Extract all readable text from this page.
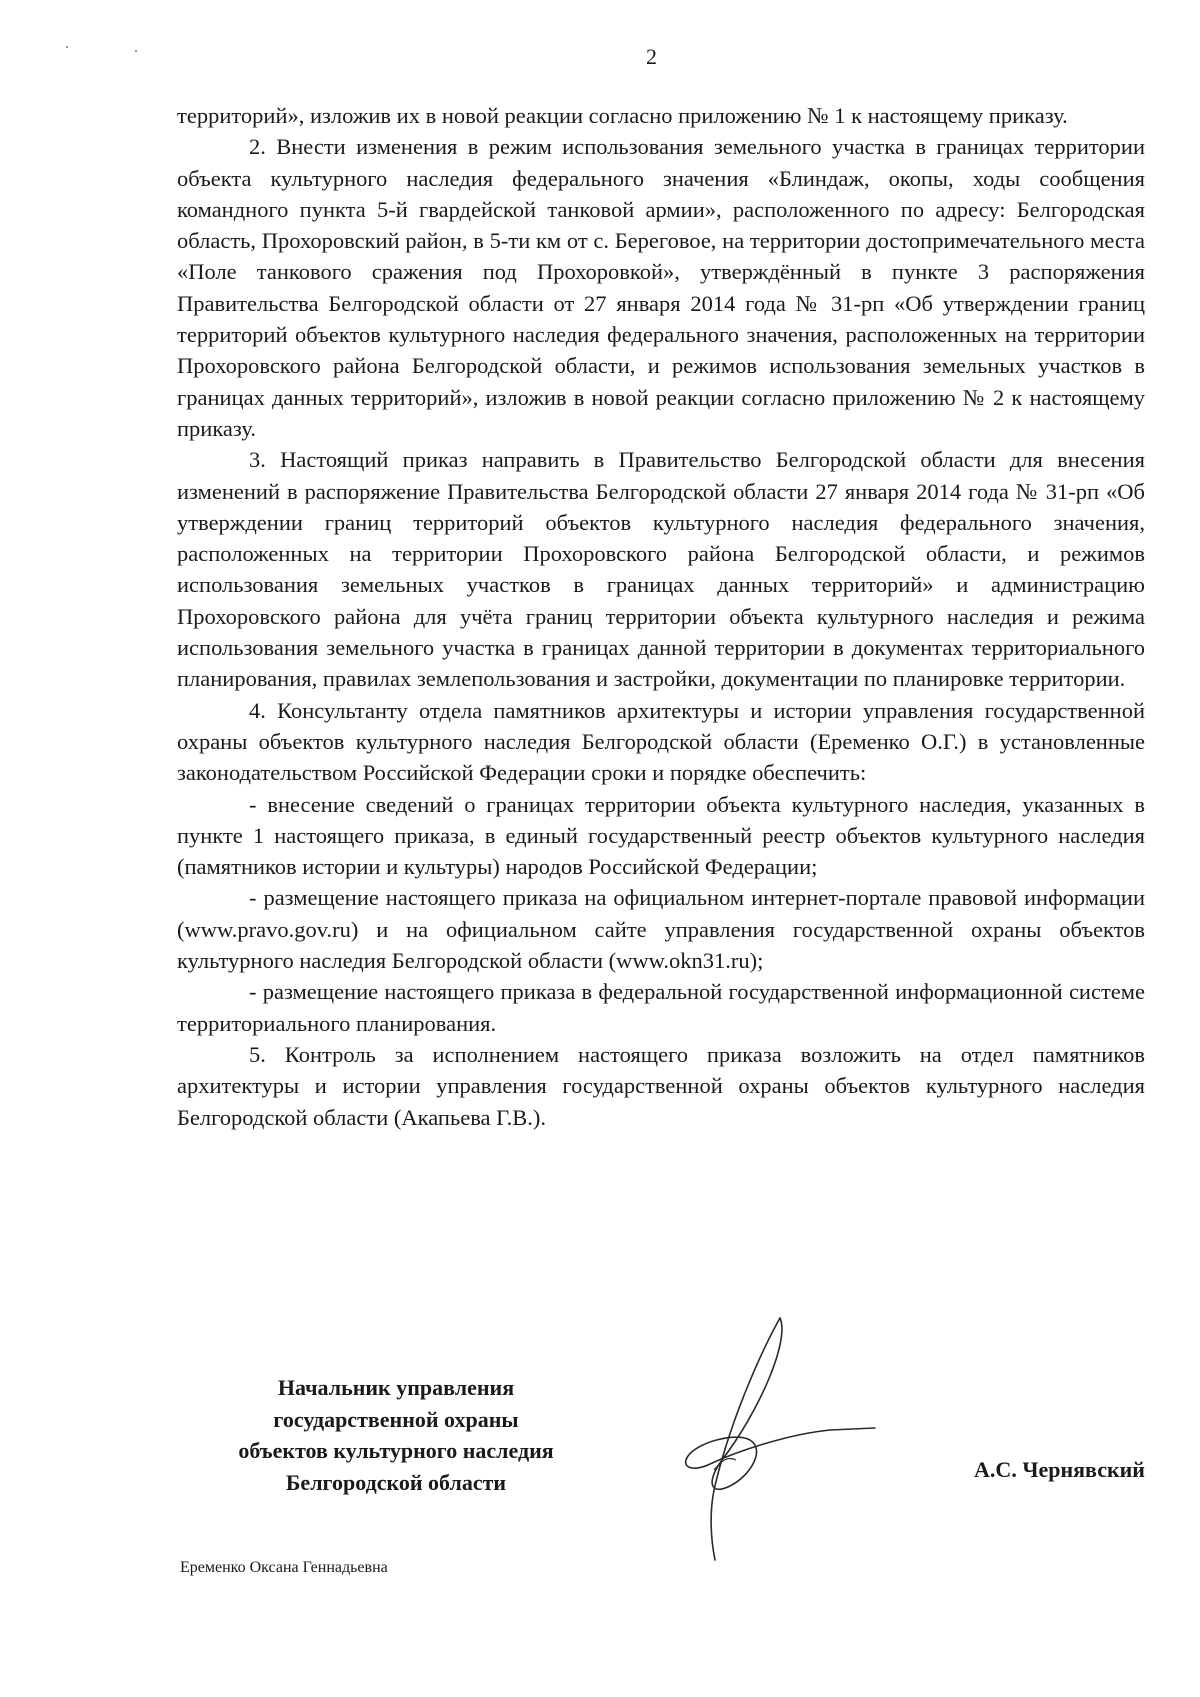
2

территорий», изложив их в новой реакции согласно приложению № 1 к настоящему приказу.

2. Внести изменения в режим использования земельного участка в границах территории объекта культурного наследия федерального значения «Блиндаж, окопы, ходы сообщения командного пункта 5-й гвардейской танковой армии», расположенного по адресу: Белгородская область, Прохоровский район, в 5-ти км от с. Береговое, на территории достопримечательного места «Поле танкового сражения под Прохоровкой», утверждённый в пункте 3 распоряжения Правительства Белгородской области от 27 января 2014 года № 31-рп «Об утверждении границ территорий объектов культурного наследия федерального значения, расположенных на территории Прохоровского района Белгородской области, и режимов использования земельных участков в границах данных территорий», изложив в новой реакции согласно приложению № 2 к настоящему приказу.

3. Настоящий приказ направить в Правительство Белгородской области для внесения изменений в распоряжение Правительства Белгородской области 27 января 2014 года № 31-рп «Об утверждении границ территорий объектов культурного наследия федерального значения, расположенных на территории Прохоровского района Белгородской области, и режимов использования земельных участков в границах данных территорий» и администрацию Прохоровского района для учёта границ территории объекта культурного наследия и режима использования земельного участка в границах данной территории в документах территориального планирования, правилах землепользования и застройки, документации по планировке территории.

4. Консультанту отдела памятников архитектуры и истории управления государственной охраны объектов культурного наследия Белгородской области (Еременко О.Г.) в установленные законодательством Российской Федерации сроки и порядке обеспечить:

- внесение сведений о границах территории объекта культурного наследия, указанных в пункте 1 настоящего приказа, в единый государственный реестр объектов культурного наследия (памятников истории и культуры) народов Российской Федерации;

- размещение настоящего приказа на официальном интернет-портале правовой информации (www.pravo.gov.ru) и на официальном сайте управления государственной охраны объектов культурного наследия Белгородской области (www.okn31.ru);

- размещение настоящего приказа в федеральной государственной информационной системе территориального планирования.

5. Контроль за исполнением настоящего приказа возложить на отдел памятников архитектуры и истории управления государственной охраны объектов культурного наследия Белгородской области (Акапьева Г.В.).

Начальник управления
государственной охраны
объектов культурного наследия
Белгородской области	А.С. Чернявский
Еременко Оксана Геннадьевна
